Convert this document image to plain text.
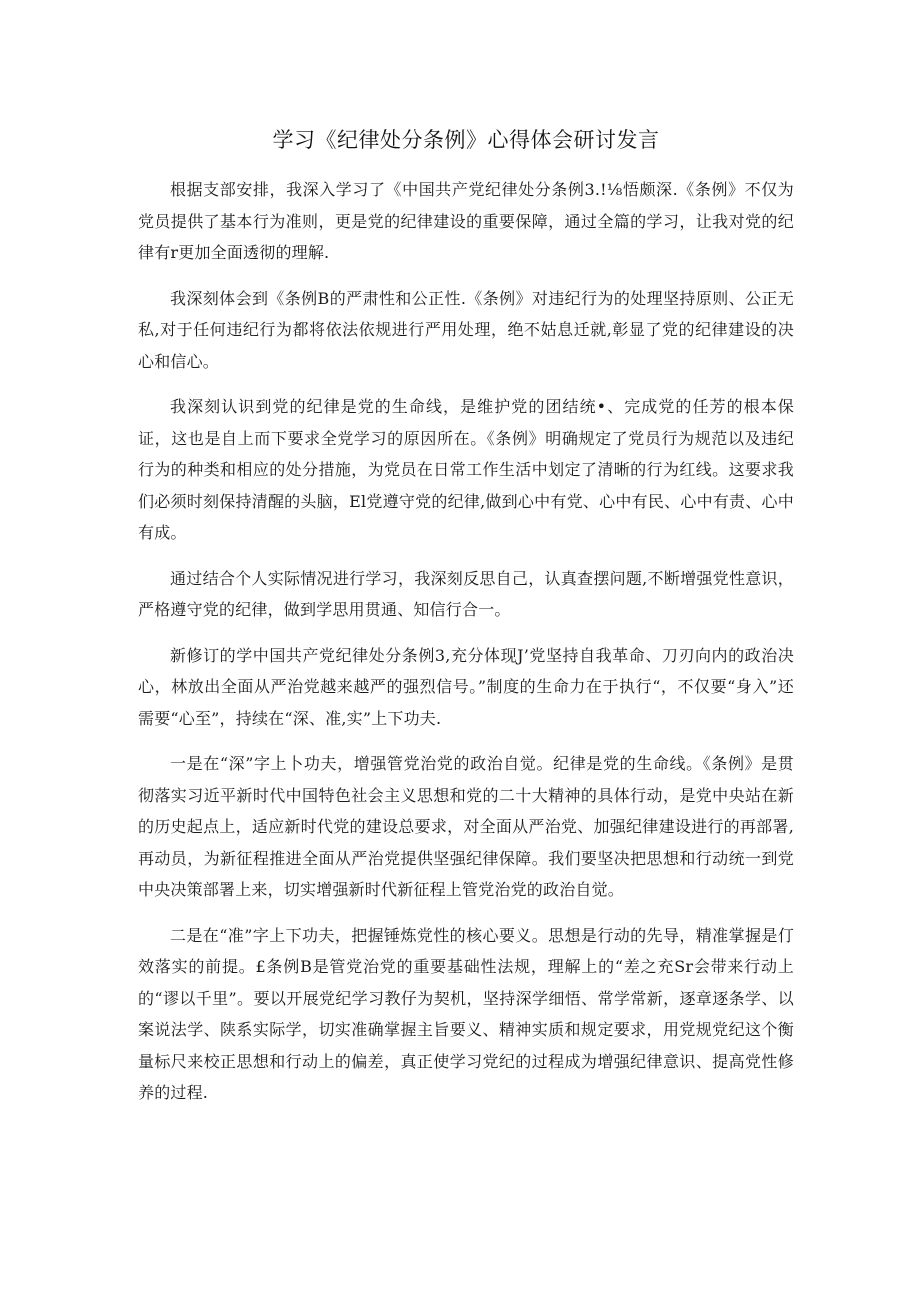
学习《纪律处分条例》心得体会研讨发言

根据支部安排，我深入学习了《中国共产党纪律处分条例3.!⅛悟颇深.《条例》不仅为党员提供了基本行为准则，更是党的纪律建设的重要保障，通过全篇的学习，让我对党的纪律有r更加全面透彻的理解.

我深刻体会到《条例B的严肃性和公正性.《条例》对违纪行为的处理坚持原则、公正无私,对于任何违纪行为都将依法依规进行严用处理，绝不姑息迁就,彰显了党的纪律建设的决心和信心。

我深刻认识到党的纪律是党的生命线，是维护党的团结统•、完成党的任芳的根本保证，这也是自上而下要求全党学习的原因所在。《条例》明确规定了党员行为规范以及违纪行为的种类和相应的处分措施，为党员在日常工作生活中划定了清晰的行为红线。这要求我们必须时刻保持清醒的头脑，El党遵守党的纪律,做到心中有党、心中有民、心中有责、心中有成。

通过结合个人实际情况进行学习，我深刻反思自己，认真查摆问题,不断增强党性意识，严格遵守党的纪律，做到学思用贯通、知信行合一。

新修订的学中国共产党纪律处分条例3,充分体现J’党坚持自我革命、刀刃向内的政治决心，林放出全面从严治党越来越严的强烈信号。”制度的生命力在于执行“，不仅要“身入”还需要“心至”，持续在“深、准,实”上下功夫.

一是在“深”字上卜功夫，增强管党治党的政治自觉。纪律是党的生命线。《条例》是贯彻落实习近平新时代中国特色社会主义思想和党的二十大精神的具体行动，是党中央站在新的历史起点上，适应新时代党的建设总要求，对全面从严治党、加强纪律建设进行的再部署,再动员，为新征程推进全面从严治党提供坚强纪律保障。我们要坚决把思想和行动统一到党中央决策部署上来，切实增强新时代新征程上管党治党的政治自觉。

二是在“准”字上下功夫，把握锤炼党性的核心要义。思想是行动的先导，精准掌握是仃效落实的前提。£条例B是管党治党的重要基础性法规，理解上的“差之充Sr会带来行动上的“谬以千里”。要以开展党纪学习教仔为契机，坚持深学细悟、常学常新，逐章逐条学、以案说法学、陕系实际学，切实准确掌握主旨要义、精神实质和规定要求，用党规党纪这个衡量标尺来校正思想和行动上的偏差，真正使学习党纪的过程成为增强纪律意识、提高党性修养的过程.
